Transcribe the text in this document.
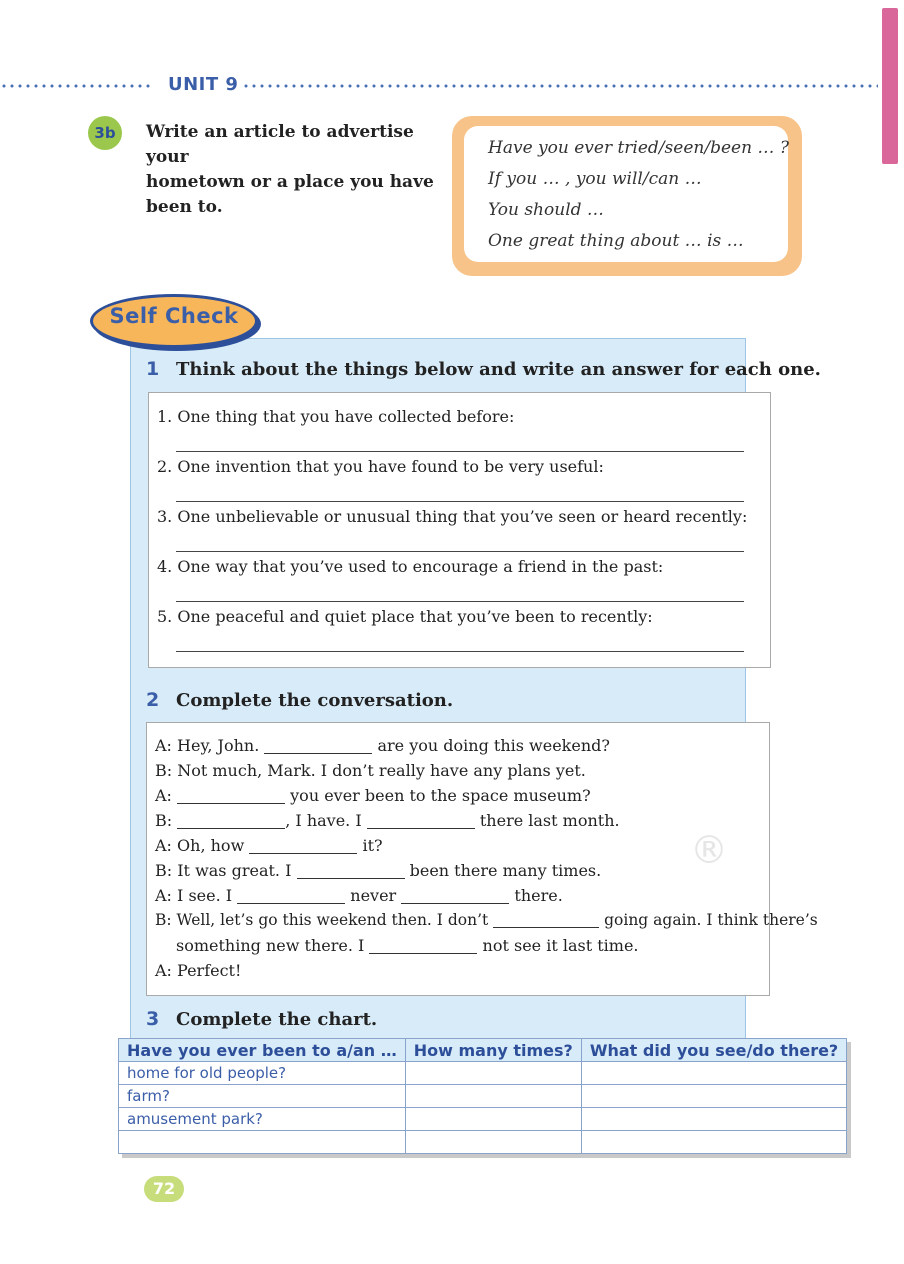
UNIT 9
3b	Write an article to advertise your
hometown or a place you have
been to.
Have you ever tried/seen/been … ?
If you … , you will/can …
You should …
One great thing about … is …
Self Check
1 Think about the things below and write an answer for each one.
1. One thing that you have collected before:
2. One invention that you have found to be very useful:
3. One unbelievable or unusual thing that you’ve seen or heard recently:
4. One way that you’ve used to encourage a friend in the past:
5. One peaceful and quiet place that you’ve been to recently:
2 Complete the conversation.
A: Hey, John.	are you doing this weekend?
B: Not much, Mark. I don’t really have any plans yet.
A:	you ever been to the space museum?
B:	, I have. I	there last month.
A: Oh, how	it?
B: It was great. I	been there many times.
A: I see. I	never	there.
B: Well, let’s go this weekend then. I don’t	going again. I think there’s
something new there. I	not see it last time.
A: Perfect!
3 Complete the chart.
Have you ever been to a/an …	How many times?	What did you see/do there?
home for old people?		
farm?		
amusement park?		

®
72
